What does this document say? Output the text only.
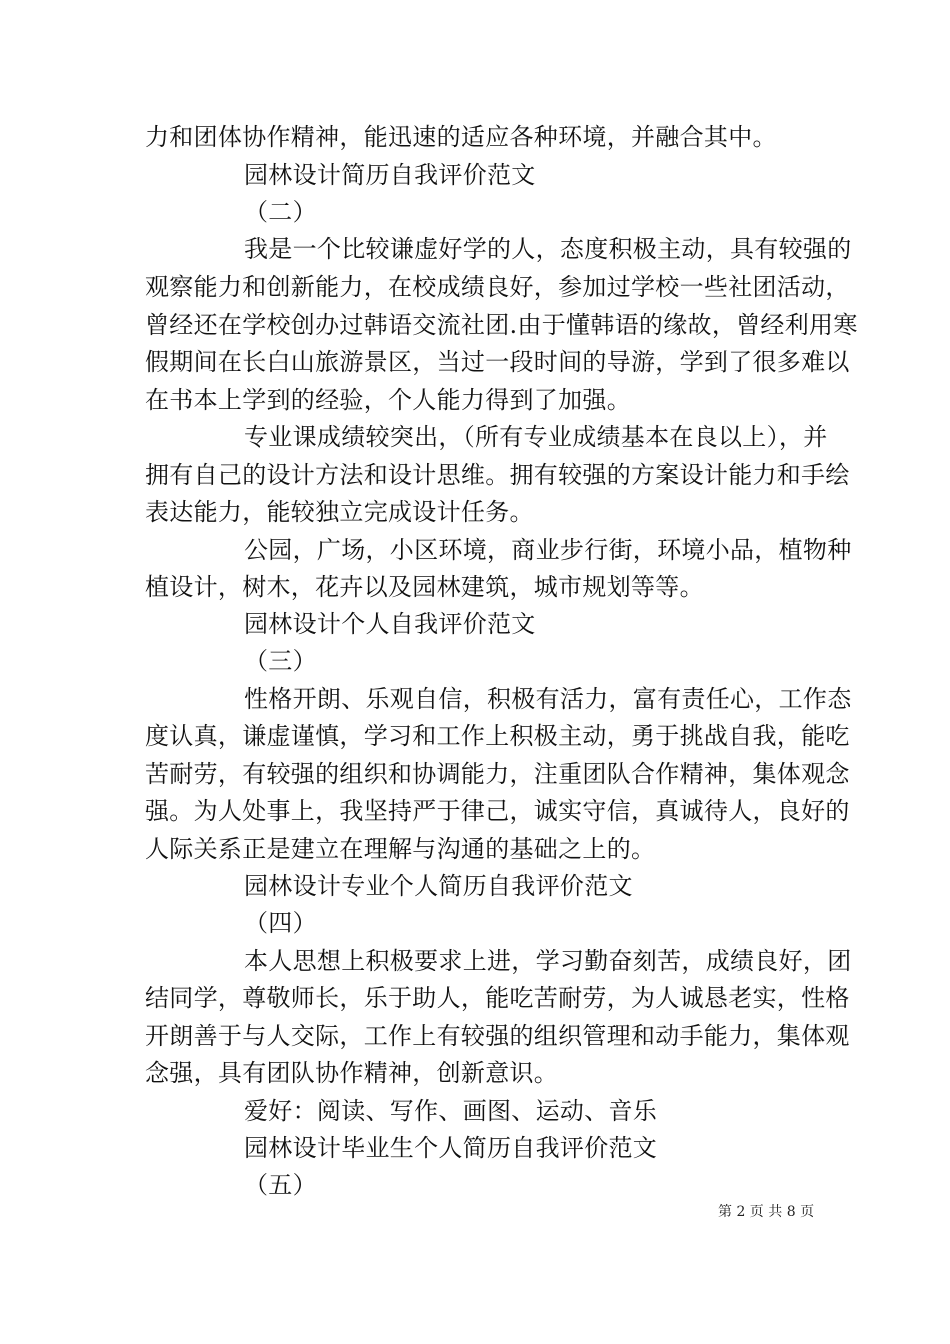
力和团体协作精神，能迅速的适应各种环境，并融合其中。
园林设计简历自我评价范文
（二）
我是一个比较谦虚好学的人，态度积极主动，具有较强的
观察能力和创新能力，在校成绩良好，参加过学校一些社团活动，
曾经还在学校创办过韩语交流社团.由于懂韩语的缘故，曾经利用寒
假期间在长白山旅游景区，当过一段时间的导游，学到了很多难以
在书本上学到的经验，个人能力得到了加强。
专业课成绩较突出，（所有专业成绩基本在良以上），并
拥有自己的设计方法和设计思维。拥有较强的方案设计能力和手绘
表达能力，能较独立完成设计任务。
公园，广场，小区环境，商业步行街，环境小品，植物种
植设计，树木，花卉以及园林建筑，城市规划等等。
园林设计个人自我评价范文
（三）
性格开朗、乐观自信，积极有活力，富有责任心，工作态
度认真，谦虚谨慎，学习和工作上积极主动，勇于挑战自我，能吃
苦耐劳，有较强的组织和协调能力，注重团队合作精神，集体观念
强。为人处事上，我坚持严于律己，诚实守信，真诚待人，良好的
人际关系正是建立在理解与沟通的基础之上的。
园林设计专业个人简历自我评价范文
（四）
本人思想上积极要求上进，学习勤奋刻苦，成绩良好，团
结同学，尊敬师长，乐于助人，能吃苦耐劳，为人诚恳老实，性格
开朗善于与人交际，工作上有较强的组织管理和动手能力，集体观
念强，具有团队协作精神，创新意识。
爱好：阅读、写作、画图、运动、音乐
园林设计毕业生个人简历自我评价范文
（五）
第 2 页 共 8 页
